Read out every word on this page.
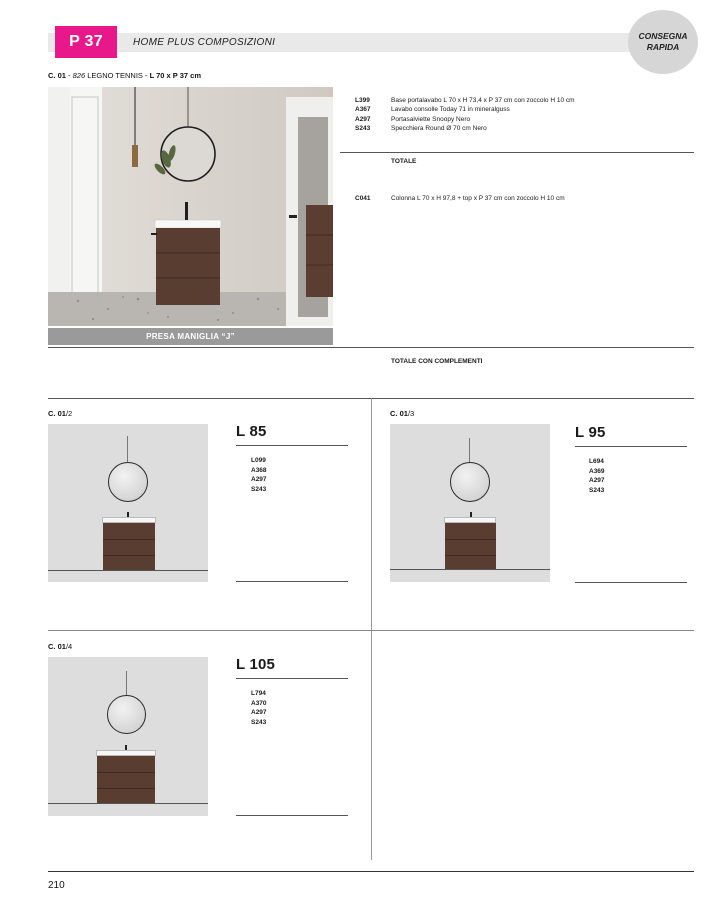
P 37	HOME PLUS COMPOSIZIONI
CONSEGNA
RAPIDA
C. 01 - 826 LEGNO TENNIS - L 70 x P 37 cm
PRESA MANIGLIA “J”
L399	Base portalavabo L 70 x H 73,4 x P 37 cm con zoccolo H 10 cm
A367	Lavabo consolle Today 71 in mineralguss
A297	Portasalviette Snoopy Nero
S243	Specchiera Round Ø 70 cm Nero
TOTALE
C041	Colonna L 70 x H 97,8 + top x P 37 cm con zoccolo H 10 cm
TOTALE CON COMPLEMENTI
C. 01/2
L 85
L099
A368
A297
S243
C. 01/3
L 95
L694
A369
A297
S243
C. 01/4
L 105
L794
A370
A297
S243
210
